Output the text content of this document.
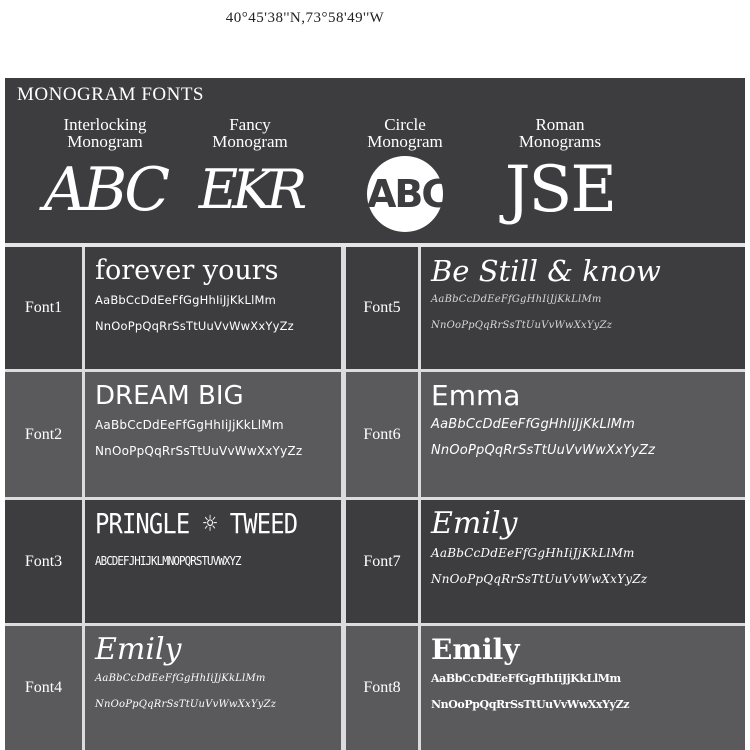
40°45'38''N,73°58'49''W
MONOGRAM FONTS
Interlocking Monogram
ABC
Fancy Monogram
EKR
Circle Monogram
ABC
Roman Monograms
JSE
Font1
forever yours
AaBbCcDdEeFfGgHhIiJjKkLlMm
NnOoPpQqRrSsTtUuVvWwXxYyZz
Font5
Be Still & know
AaBbCcDdEeFfGgHhIiJjKkLlMm
NnOoPpQqRrSsTtUuVvWwXxYyZz
Font2
DREAM BIG
AaBbCcDdEeFfGgHhIiJjKkLlMm
NnOoPpQqRrSsTtUuVvWwXxYyZz
Font6
Emma
AaBbCcDdEeFfGgHhIiJjKkLlMm
NnOoPpQqRrSsTtUuVvWwXxYyZz
Font3
PRINGLE ☼ TWEED
ABCDEFJHIJKLMNOPQRSTUVWXYZ	Font7
Emily
AaBbCcDdEeFfGgHhIiJjKkLlMm
NnOoPpQqRrSsTtUuVvWwXxYyZz
Font4
Emily
AaBbCcDdEeFfGgHhIiJjKkLlMm
NnOoPpQqRrSsTtUuVvWwXxYyZz
Font8
Emily
AaBbCcDdEeFfGgHhIiJjKkLlMm
NnOoPpQqRrSsTtUuVvWwXxYyZz
